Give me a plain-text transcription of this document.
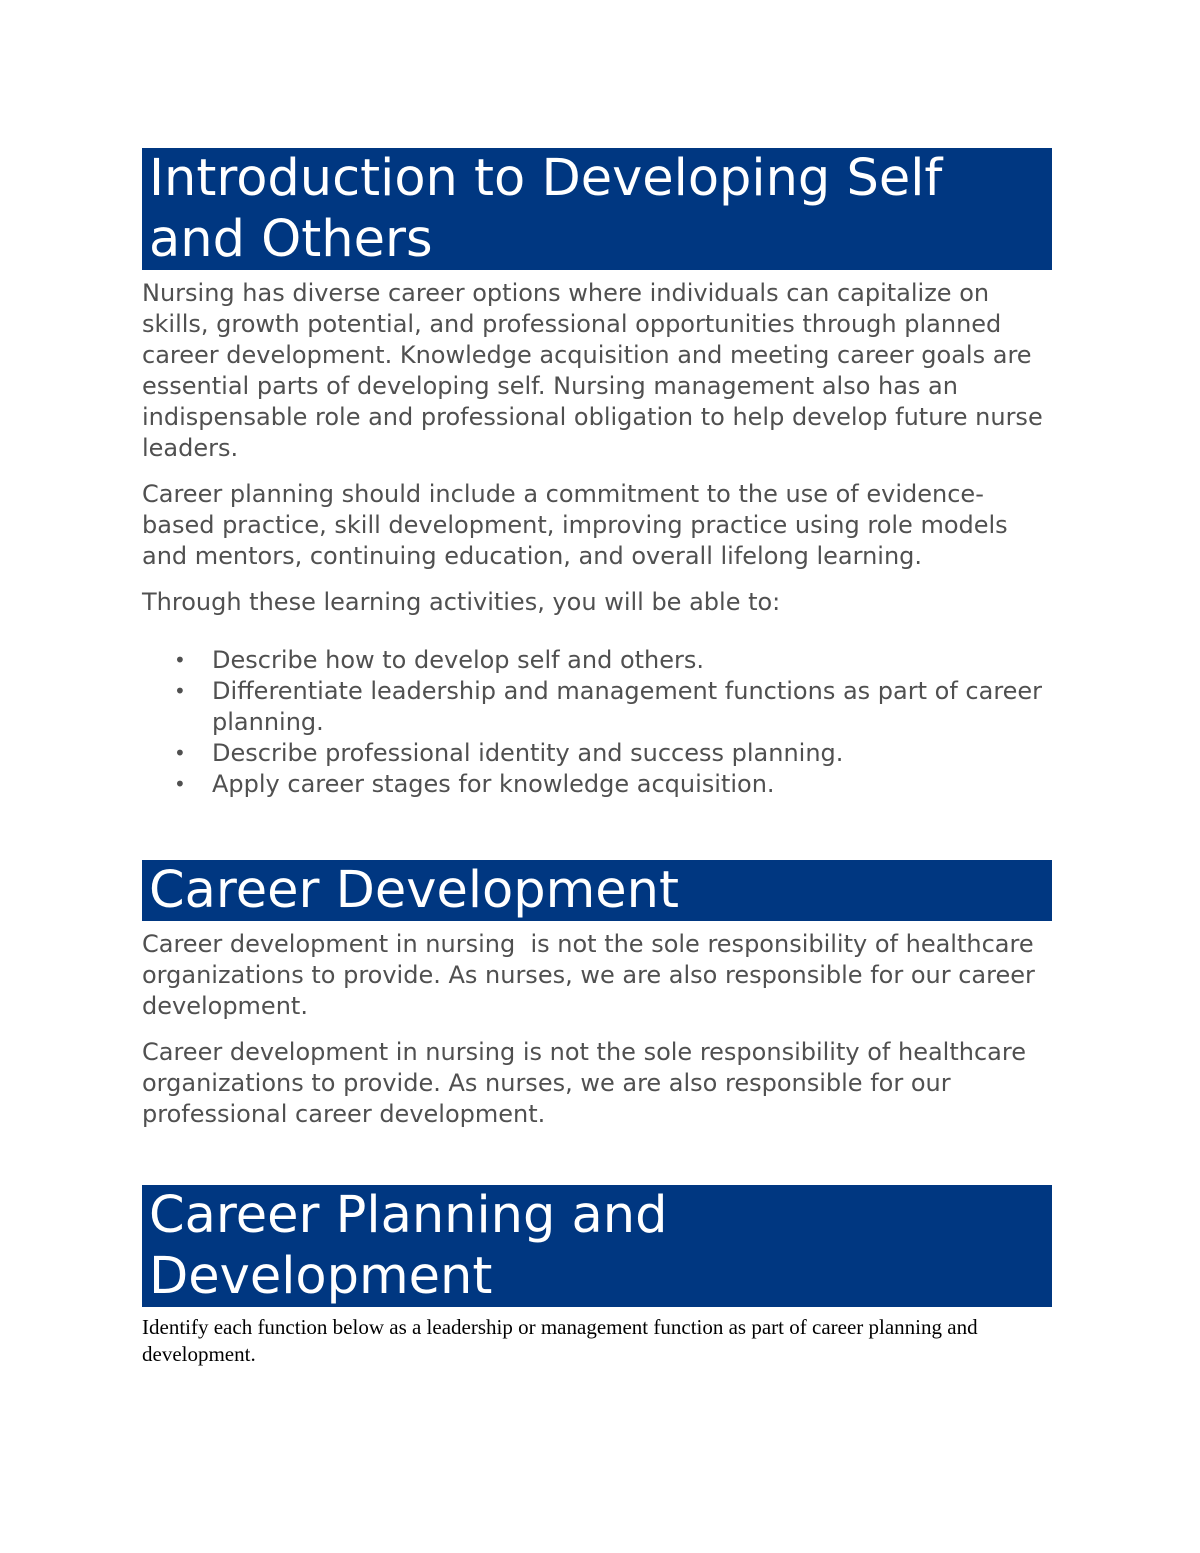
Introduction to Developing Self
and Others

Nursing has diverse career options where individuals can capitalize on skills, growth potential, and professional opportunities through planned career development. Knowledge acquisition and meeting career goals are essential parts of developing self. Nursing management also has an indispensable role and professional obligation to help develop future nurse leaders.

Career planning should include a commitment to the use of evidence-based practice, skill development, improving practice using role models and mentors, continuing education, and overall lifelong learning.

Through these learning activities, you will be able to:

• Describe how to develop self and others.
• Differentiate leadership and management functions as part of career planning.
• Describe professional identity and success planning.
• Apply career stages for knowledge acquisition.
Career Development

Career development in nursing  is not the sole responsibility of healthcare organizations to provide. As nurses, we are also responsible for our career development.

Career development in nursing is not the sole responsibility of healthcare organizations to provide. As nurses, we are also responsible for our professional career development.

Career Planning and
Development

Identify each function below as a leadership or management function as part of career planning and development.
